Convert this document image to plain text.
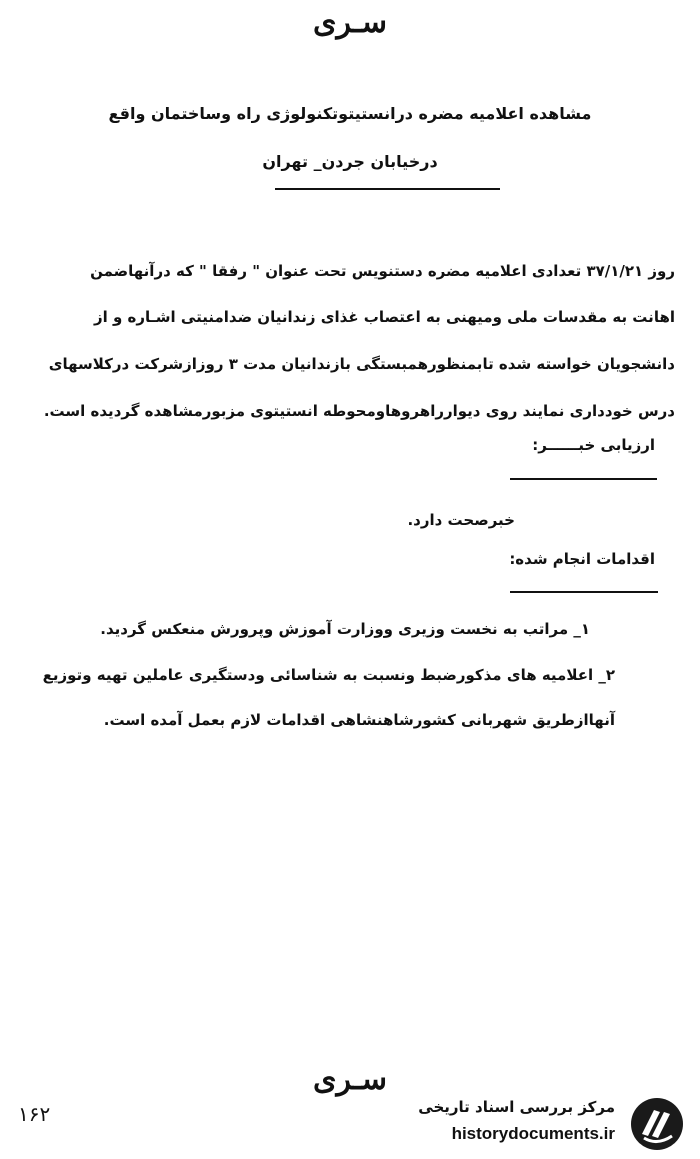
سـری
مشاهده اعلامیه مضره درانستیتوتکنولوژی راه وساختمان واقع
درخیابان جردن_ تهران
روز ۳۷/۱/۲۱ تعدادی اعلامیه مضره دستنویس تحت عنوان " رفقا " که درآنهاضمن
اهانت به مقدسات ملی ومیهنی به اعتصاب غذای زندانیان ضدامنیتی اشـاره و از
دانشجویان خواسته شده تابمنظورهمبستگی بازندانیان مدت ۳ روزازشرکت درکلاسهای
درس خودداری نمایند روی دیوارراهروهاومحوطه انستیتوی مزبورمشاهده گردیده است.
ارزیابی خبــــــر:
خبرصحت دارد.
اقدامات انجام شده:
۱_ مراتب به نخست وزیری ووزارت آموزش وپرورش منعکس گردید.
۲_ اعلامیه های مذکورضبط ونسبت به شناسائی ودستگیری عاملین تهیه وتوزیع
آنهاازطریق شهربانی کشورشاهنشاهی اقدامات لازم بعمل آمده است.
سـری
۱۶۲	مرکز بررسی اسناد تاریخی
historydocuments.ir
